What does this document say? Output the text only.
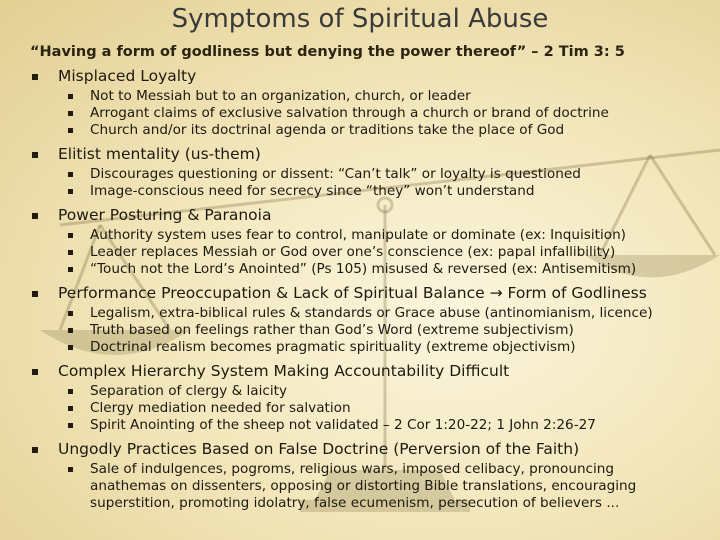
Symptoms of Spiritual Abuse
“Having a form of godliness but denying the power thereof” – 2 Tim 3: 5
Misplaced Loyalty
Not to Messiah but to an organization, church, or leader
Arrogant claims of exclusive salvation through a church or brand of doctrine
Church and/or its doctrinal agenda or traditions take the place of God
Elitist mentality (us-them)
Discourages questioning or dissent: “Can’t talk” or loyalty is questioned
Image-conscious need for secrecy since “they” won’t understand
Power Posturing & Paranoia
Authority system uses fear to control, manipulate or dominate (ex: Inquisition)
Leader replaces Messiah or God over one’s conscience (ex: papal infallibility)
“Touch not the Lord’s Anointed” (Ps 105) misused & reversed (ex: Antisemitism)
Performance Preoccupation & Lack of Spiritual Balance → Form of Godliness
Legalism, extra-biblical rules & standards or Grace abuse (antinomianism, licence)
Truth based on feelings rather than God’s Word (extreme subjectivism)
Doctrinal realism becomes pragmatic spirituality (extreme objectivism)
Complex Hierarchy System Making Accountability Difficult
Separation of clergy & laicity
Clergy mediation needed for salvation
Spirit Anointing of the sheep not validated – 2 Cor 1:20-22; 1 John 2:26-27
Ungodly Practices Based on False Doctrine (Perversion of the Faith)
Sale of indulgences, pogroms, religious wars, imposed celibacy, pronouncing
anathemas on dissenters, opposing or distorting Bible translations, encouraging
superstition, promoting idolatry, false ecumenism, persecution of believers ...
